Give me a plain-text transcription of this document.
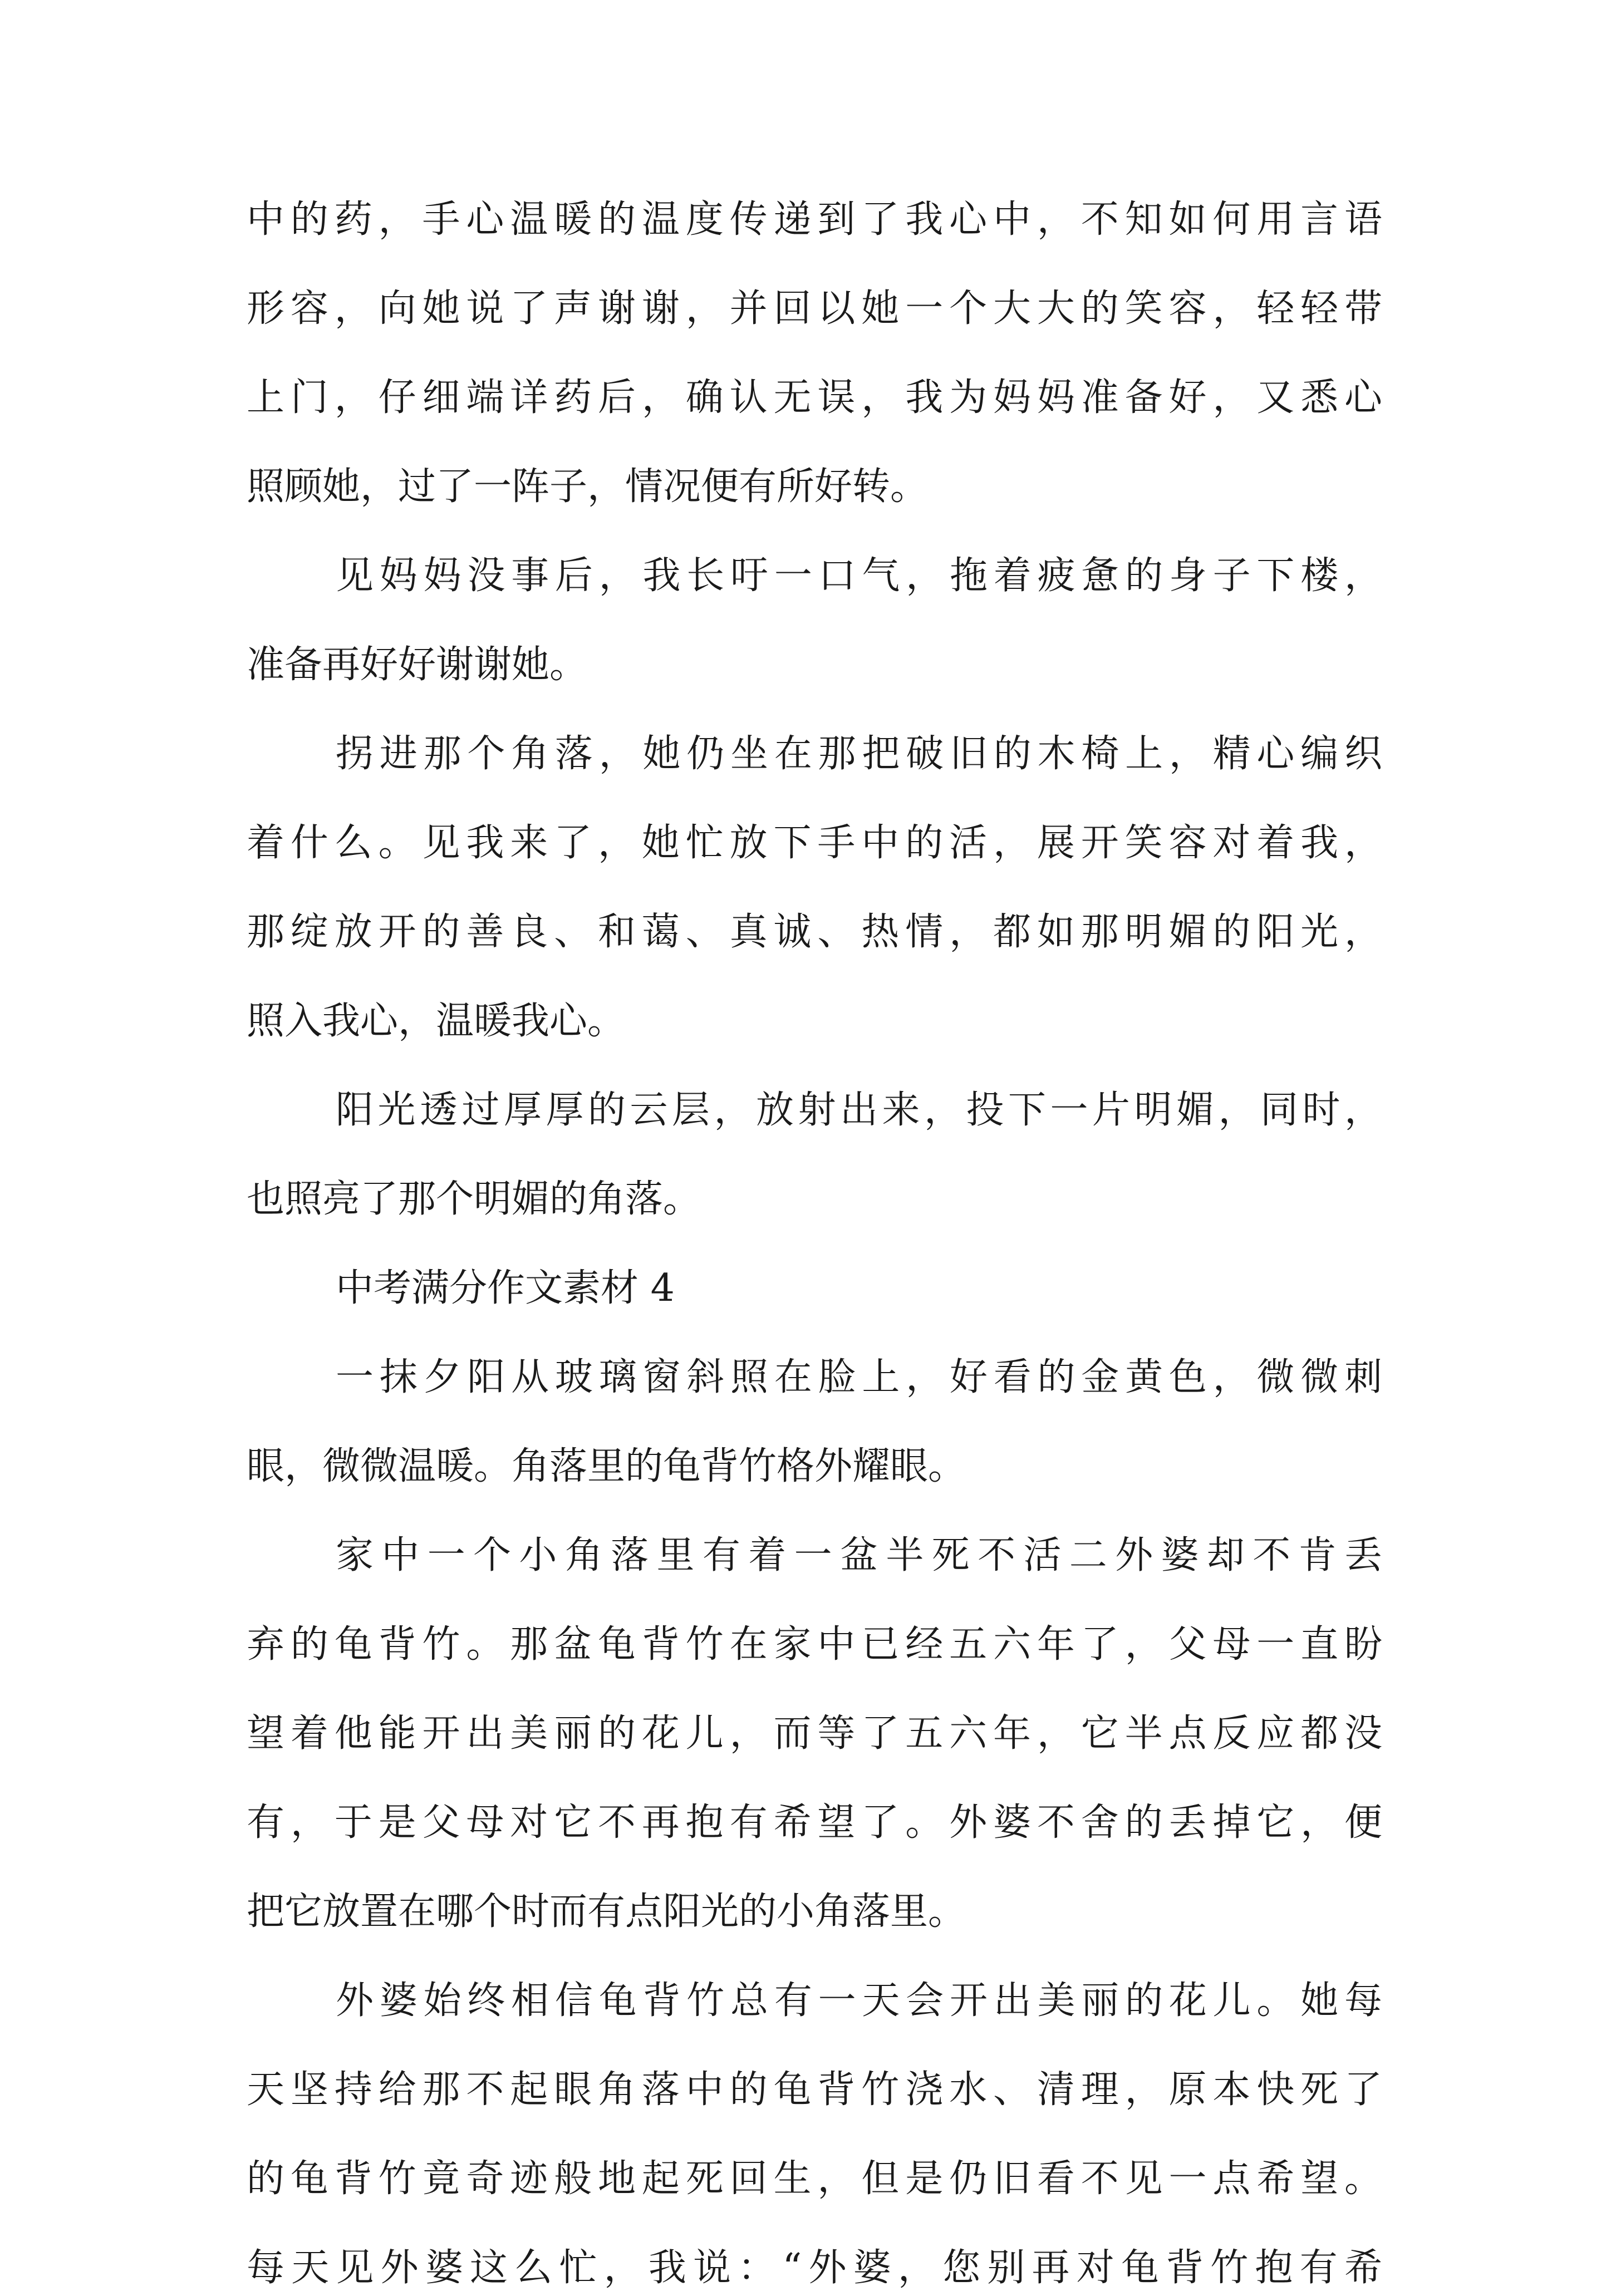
中的药，手心温暖的温度传递到了我心中，不知如何用言语
形容，向她说了声谢谢，并回以她一个大大的笑容，轻轻带
上门，仔细端详药后，确认无误，我为妈妈准备好，又悉心
照顾她，过了一阵子，情况便有所好转。
见妈妈没事后，我长吁一口气，拖着疲惫的身子下楼，
准备再好好谢谢她。
拐进那个角落，她仍坐在那把破旧的木椅上，精心编织
着什么。见我来了，她忙放下手中的活，展开笑容对着我，
那绽放开的善良、和蔼、真诚、热情，都如那明媚的阳光，
照入我心，温暖我心。
阳光透过厚厚的云层，放射出来，投下一片明媚，同时，
也照亮了那个明媚的角落。
中考满分作文素材 4
一抹夕阳从玻璃窗斜照在脸上，好看的金黄色，微微刺
眼，微微温暖。角落里的龟背竹格外耀眼。
家中一个小角落里有着一盆半死不活二外婆却不肯丢
弃的龟背竹。那盆龟背竹在家中已经五六年了，父母一直盼
望着他能开出美丽的花儿，而等了五六年，它半点反应都没
有，于是父母对它不再抱有希望了。外婆不舍的丢掉它，便
把它放置在哪个时而有点阳光的小角落里。
外婆始终相信龟背竹总有一天会开出美丽的花儿。她每
天坚持给那不起眼角落中的龟背竹浇水、清理，原本快死了
的龟背竹竟奇迹般地起死回生，但是仍旧看不见一点希望。
每天见外婆这么忙，我说：“外婆，您别再对龟背竹抱有希
